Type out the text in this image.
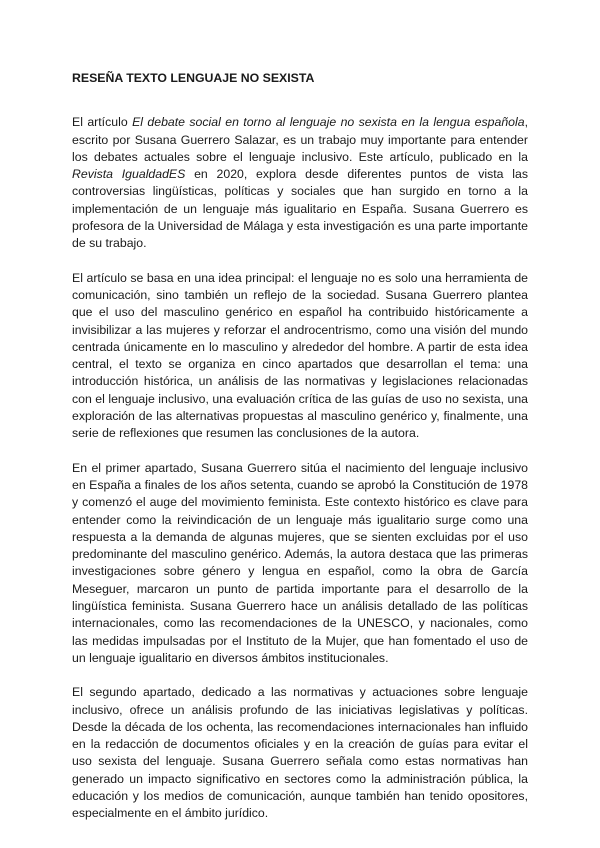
RESEÑA TEXTO LENGUAJE NO SEXISTA

El artículo El debate social en torno al lenguaje no sexista en la lengua española, escrito por Susana Guerrero Salazar, es un trabajo muy importante para entender los debates actuales sobre el lenguaje inclusivo. Este artículo, publicado en la Revista IgualdadES en 2020, explora desde diferentes puntos de vista las controversias lingüísticas, políticas y sociales que han surgido en torno a la implementación de un lenguaje más igualitario en España. Susana Guerrero es profesora de la Universidad de Málaga y esta investigación es una parte importante de su trabajo.

El artículo se basa en una idea principal: el lenguaje no es solo una herramienta de comunicación, sino también un reflejo de la sociedad. Susana Guerrero plantea que el uso del masculino genérico en español ha contribuido históricamente a invisibilizar a las mujeres y reforzar el androcentrismo, como una visión del mundo centrada únicamente en lo masculino y alrededor del hombre. A partir de esta idea central, el texto se organiza en cinco apartados que desarrollan el tema: una introducción histórica, un análisis de las normativas y legislaciones relacionadas con el lenguaje inclusivo, una evaluación crítica de las guías de uso no sexista, una exploración de las alternativas propuestas al masculino genérico y, finalmente, una serie de reflexiones que resumen las conclusiones de la autora.

En el primer apartado, Susana Guerrero sitúa el nacimiento del lenguaje inclusivo en España a finales de los años setenta, cuando se aprobó la Constitución de 1978 y comenzó el auge del movimiento feminista. Este contexto histórico es clave para entender como la reivindicación de un lenguaje más igualitario surge como una respuesta a la demanda de algunas mujeres, que se sienten excluidas por el uso predominante del masculino genérico. Además, la autora destaca que las primeras investigaciones sobre género y lengua en español, como la obra de García Meseguer, marcaron un punto de partida importante para el desarrollo de la lingüística feminista. Susana Guerrero hace un análisis detallado de las políticas internacionales, como las recomendaciones de la UNESCO, y nacionales, como las medidas impulsadas por el Instituto de la Mujer, que han fomentado el uso de un lenguaje igualitario en diversos ámbitos institucionales.

El segundo apartado, dedicado a las normativas y actuaciones sobre lenguaje inclusivo, ofrece un análisis profundo de las iniciativas legislativas y políticas. Desde la década de los ochenta, las recomendaciones internacionales han influido en la redacción de documentos oficiales y en la creación de guías para evitar el uso sexista del lenguaje. Susana Guerrero señala como estas normativas han generado un impacto significativo en sectores como la administración pública, la educación y los medios de comunicación, aunque también han tenido opositores, especialmente en el ámbito jurídico.
